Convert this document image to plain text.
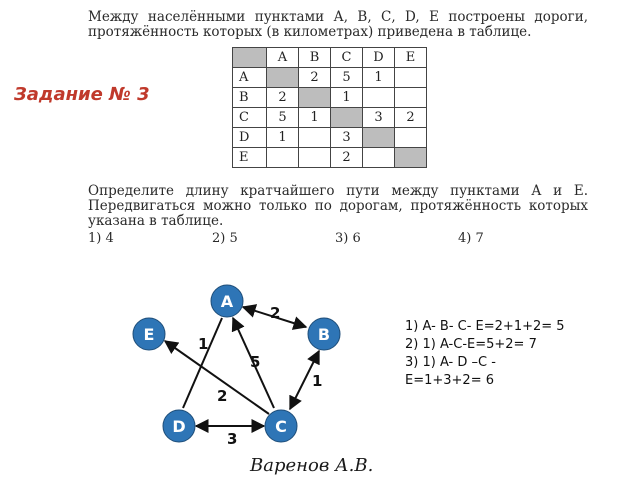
Между населёнными пунктами А, В, С, D, Е построены дороги, протяжённость которых (в километрах) приведена в таблице.
Задание № 3
	A	B	C	D	E
A		2	5	1	
B	2		1		
C	5	1		3	2
D	1		3		
E			2		
Определите длину кратчайшего пути между пунктами А и Е. Передвигаться можно только по дорогам, протяжённость которых указана в таблице.
1) 4	2) 5	3) 6	4) 7
2
1
5
2
1
3
A
B
C
D
E	1) A- B- C- E=2+1+2= 5
2) 1) A-C-E=5+2= 7
3) 1) A- D –C -
E=1+3+2= 6
Варенов А.В.
